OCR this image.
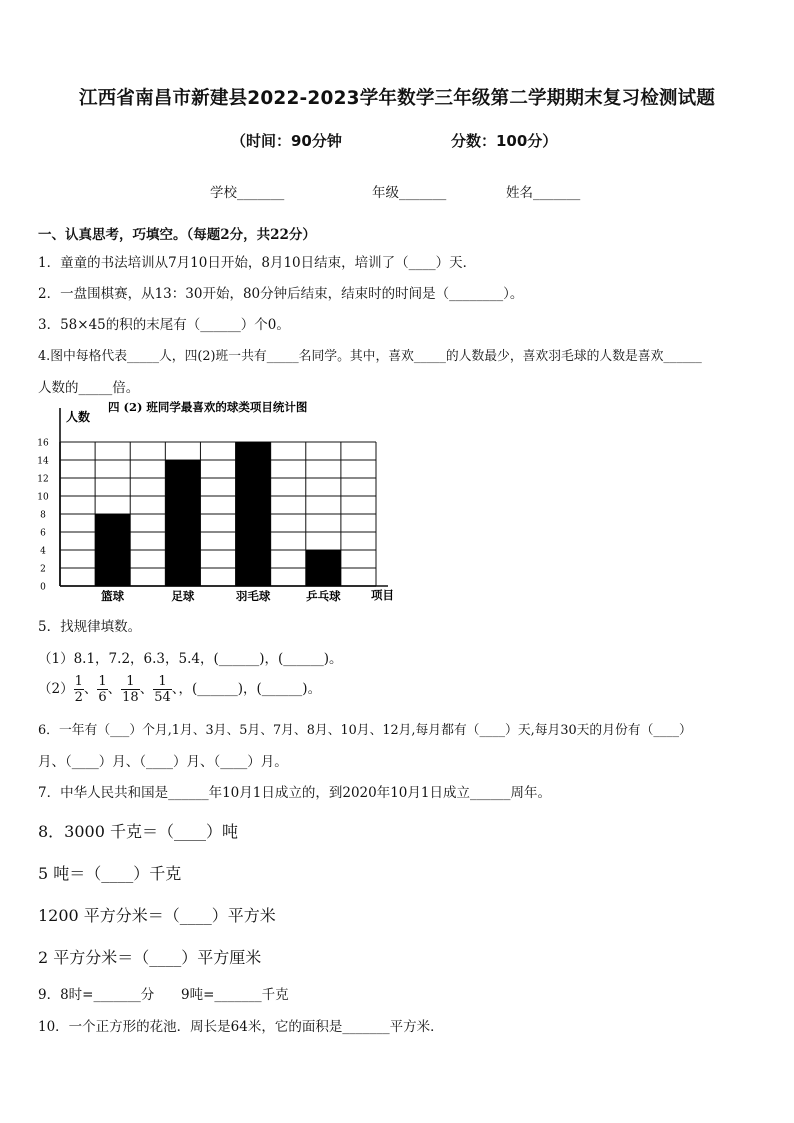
江西省南昌市新建县2022-2023学年数学三年级第二学期期末复习检测试题
（时间：90分钟	分数：100分）
学校_______	年级_______	姓名_______
一、认真思考，巧填空。（每题2分，共22分）
1．童童的书法培训从7月10日开始，8月10日结束，培训了（____）天．
2．一盘围棋赛，从13：30开始，80分钟后结束，结束时的时间是（________）。
3．58×45的积的末尾有（______）个0。
4.图中每格代表_____人，四(2)班一共有_____名同学。其中，喜欢_____的人数最少，喜欢羽毛球的人数是喜欢______
人数的_____倍。
0
2
4
6
8
10
12
14
16
篮球	足球	羽毛球	乒乓球
四 (2) 班同学最喜欢的球类项目统计图
人数
项目
5．找规律填数。
（1）8.1，7.2，6.3，5.4，(______)，(______)。
$(2) \frac{1}{2}$ 、 $\frac{1}{6}$ 、 $\frac{1}{18}$ 、 $\frac{1}{54}$ 、，(______)，(______)。
6．一年有（___）个月,1月、3月、5月、7月、8月、10月、12月,每月都有（____）天,每月30天的月份有（____）
月、（____）月、（____）月、（____）月。
7．中华人民共和国是______年10月1日成立的，到2020年10月1日成立______周年。
8．3000 千克＝（____）吨
5 吨＝（____）千克
1200 平方分米＝（____）平方米
2 平方分米＝（____）平方厘米
9．8时=_______分 9吨=_______千克
10．一个正方形的花池．周长是64米，它的面积是_______平方米．
